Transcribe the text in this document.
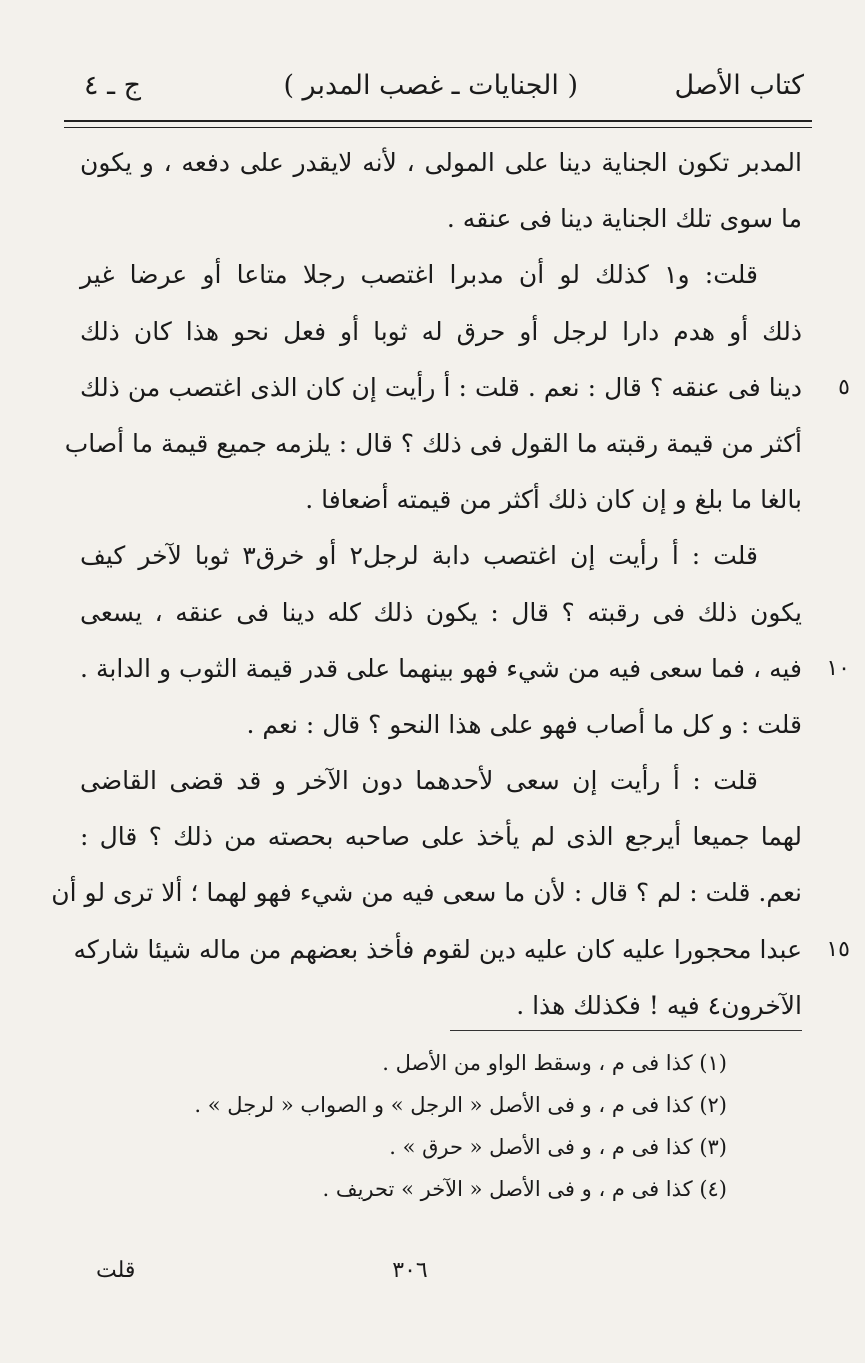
كتاب الأصل
( الجنايات ـ غصب المدبر )
ج ـ ٤
المدبر تكون الجناية دينا على المولى ، لأنه لايقدر على دفعه ، و يكون
ما سوى تلك الجناية دينا فى عنقه .
قلت: و١ كذلك لو أن مدبرا اغتصب رجلا متاعا أو عرضا غير
ذلك أو هدم دارا لرجل أو حرق له ثوبا أو فعل نحو هذا كان ذلك
٥
دينا فى عنقه ؟ قال : نعم . قلت : أ رأيت إن كان الذى اغتصب من ذلك
أكثر من قيمة رقبته ما القول فى ذلك ؟ قال : يلزمه جميع قيمة ما أصاب
بالغا ما بلغ و إن كان ذلك أكثر من قيمته أضعافا .
قلت : أ رأيت إن اغتصب دابة لرجل٢ أو خرق٣ ثوبا لآخر كيف
يكون ذلك فى رقبته ؟ قال : يكون ذلك كله دينا فى عنقه ، يسعى
١٠
فيه ، فما سعى فيه من شيء فهو بينهما على قدر قيمة الثوب و الدابة .
قلت : و كل ما أصاب فهو على هذا النحو ؟ قال : نعم .
قلت : أ رأيت إن سعى لأحدهما دون الآخر و قد قضى القاضى
لهما جميعا أيرجع الذى لم يأخذ على صاحبه بحصته من ذلك ؟ قال :
نعم. قلت : لم ؟ قال : لأن ما سعى فيه من شيء فهو لهما ؛ ألا ترى لو أن
١٥
عبدا محجورا عليه كان عليه دين لقوم فأخذ بعضهم من ماله شيئا شاركه
الآخرون٤ فيه ! فكذلك هذا .
(١) كذا فى م ، وسقط الواو من الأصل .
(٢) كذا فى م ، و فى الأصل « الرجل » و الصواب « لرجل » .
(٣) كذا فى م ، و فى الأصل « حرق » .
(٤) كذا فى م ، و فى الأصل « الآخر » تحريف .
٣٠٦
قلت
